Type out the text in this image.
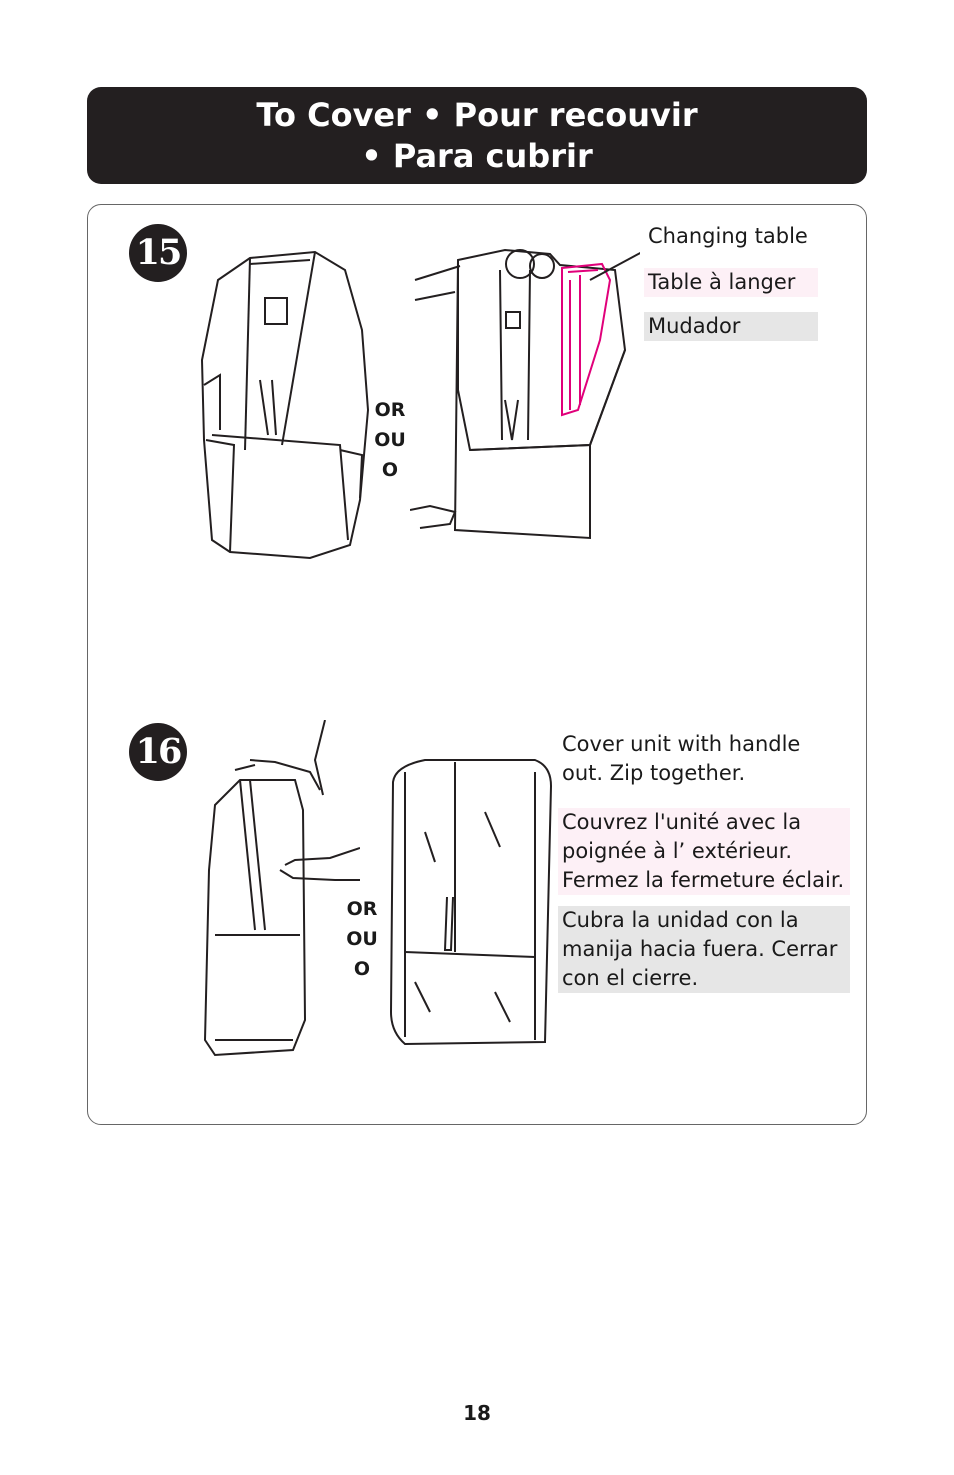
To Cover • Pour recouvir
• Para cubrir
15
OR
OU
O
Changing table
Table à langer
Mudador
16
OR
OU
O
Cover unit with handle out. Zip together.
Couvrez l'unité avec la poignée à l’ extérieur. Fermez la fermeture éclair.
Cubra la unidad con la manija hacia fuera. Cerrar con el cierre.
18
